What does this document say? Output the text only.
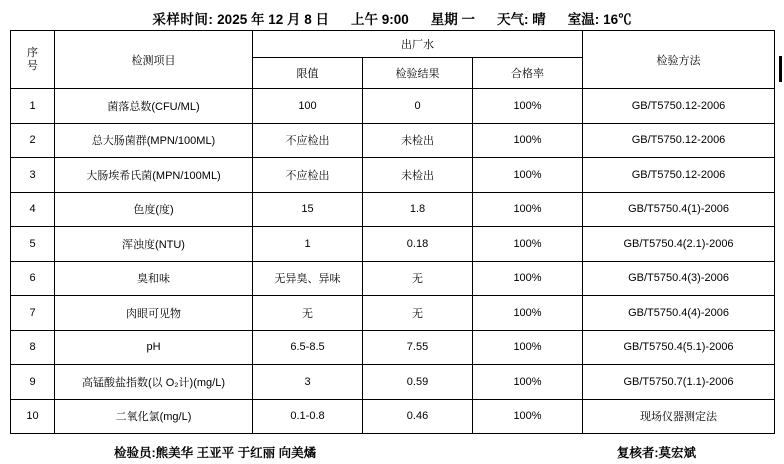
采样时间: 2025 年 12 月 8 日 上午 9:00 星期 一 天气: 晴 室温: 16℃
序
号	检测项目	出厂水			检验方法
		限值	检验结果	合格率	
1	菌落总数(CFU/ML)	100	0	100%	GB/T5750.12-2006
2	总大肠菌群(MPN/100ML)	不应检出	未检出	100%	GB/T5750.12-2006
3	大肠埃希氏菌(MPN/100ML)	不应检出	未检出	100%	GB/T5750.12-2006
4	色度(度)	15	1.8	100%	GB/T5750.4(1)-2006
5	浑浊度(NTU)	1	0.18	100%	GB/T5750.4(2.1)-2006
6	臭和味	无异臭、异味	无	100%	GB/T5750.4(3)-2006
7	肉眼可见物	无	无	100%	GB/T5750.4(4)-2006
8	pH	6.5-8.5	7.55	100%	GB/T5750.4(5.1)-2006
9	高锰酸盐指数(以 O₂计)(mg/L)	3	0.59	100%	GB/T5750.7(1.1)-2006
10	二氧化氯(mg/L)	0.1-0.8	0.46	100%	现场仪器测定法
检验员:熊美华 王亚平 于红丽 向美燏	复核者:莫宏斌
